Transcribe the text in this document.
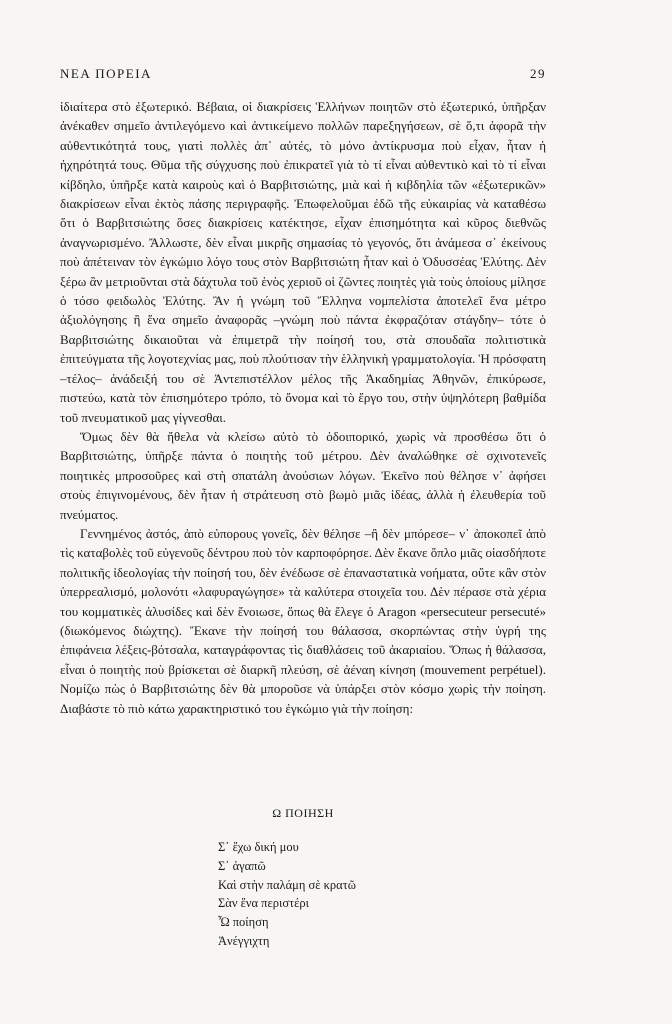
ΝΕΑ ΠΟΡΕΙΑ	29

ἰδιαίτερα στὸ ἐξωτερικό. Βέβαια, οἱ διακρίσεις Ἑλλήνων ποιητῶν στὸ ἐξωτερικό, ὑπῆρξαν ἀνέκαθεν σημεῖο ἀντιλεγόμενο καὶ ἀντικείμενο πολλῶν παρεξηγήσεων, σὲ ὅ,τι ἀφορᾶ τὴν αὐθεντικότητά τους, γιατὶ πολλὲς ἀπ᾽ αὐτές, τὸ μόνο ἀντίκρυσμα ποὺ εἶχαν, ἦταν ἡ ἠχηρότητά τους. Θῦμα τῆς σύγχυσης ποὺ ἐπικρατεῖ γιὰ τὸ τί εἶναι αὐθεντικὸ καὶ τὸ τί εἶναι κίβδηλο, ὑπῆρξε κατὰ καιροὺς καὶ ὁ Βαρβιτσιώτης, μιὰ καὶ ἡ κιβδηλία τῶν «ἐξωτερικῶν» διακρίσεων εἶναι ἐκτὸς πάσης περιγραφῆς. Ἐπωφελοῦμαι ἐδῶ τῆς εὐκαιρίας νὰ καταθέσω ὅτι ὁ Βαρβιτσιώτης ὅσες διακρίσεις κατέκτησε, εἶχαν ἐπισημότητα καὶ κῦρος διεθνῶς ἀναγνωρισμένο. Ἄλλωστε, δὲν εἶναι μικρῆς σημασίας τὸ γεγονός, ὅτι ἀνάμεσα σ᾽ ἐκείνους ποὺ ἀπέτειναν τὸν ἐγκώμιο λόγο τους στὸν Βαρβιτσιώτη ἦταν καὶ ὁ Ὀδυσσέας Ἐλύτης. Δὲν ξέρω ἂν μετριοῦνται στὰ δάχτυλα τοῦ ἑνὸς χεριοῦ οἱ ζῶντες ποιητὲς γιὰ τοὺς ὁποίους μίλησε ὁ τόσο φειδωλὸς Ἐλύτης. Ἂν ἡ γνώμη τοῦ Ἕλληνα νομπελίστα ἀποτελεῖ ἕνα μέτρο ἀξιολόγησης ἢ ἕνα σημεῖο ἀναφορᾶς –γνώμη ποὺ πάντα ἐκφραζόταν στάγδην– τότε ὁ Βαρβιτσιώτης δικαιοῦται νὰ ἐπιμετρᾶ τὴν ποίησή του, στὰ σπουδαῖα πολιτιστικὰ ἐπιτεύγματα τῆς λογοτεχνίας μας, ποὺ πλούτισαν τὴν ἑλληνικὴ γραμματολογία. Ἡ πρόσφατη –τέλος– ἀνάδειξή του σὲ Ἀντεπιστέλλον μέλος τῆς Ἀκαδημίας Ἀθηνῶν, ἐπικύρωσε, πιστεύω, κατὰ τὸν ἐπισημότερο τρόπο, τὸ ὄνομα καὶ τὸ ἔργο του, στὴν ὑψηλότερη βαθμίδα τοῦ πνευματικοῦ μας γίγνεσθαι.

Ὅμως δὲν θὰ ἤθελα νὰ κλείσω αὐτὸ τὸ ὁδοιπορικό, χωρὶς νὰ προσθέσω ὅτι ὁ Βαρβιτσιώτης, ὑπῆρξε πάντα ὁ ποιητὴς τοῦ μέτρου. Δὲν ἀναλώθηκε σὲ σχινοτενεῖς ποιητικὲς μπροσοῦρες καὶ στὴ σπατάλη ἀνούσιων λόγων. Ἐκεῖνο ποὺ θέλησε ν᾽ ἀφήσει στοὺς ἐπιγινομένους, δὲν ἦταν ἡ στράτευση στὸ βωμὸ μιᾶς ἰδέας, ἀλλὰ ἡ ἐλευθερία τοῦ πνεύματος.

Γεννημένος ἀστός, ἀπὸ εὐπορους γονεῖς, δὲν θέλησε –ἢ δὲν μπόρεσε– ν᾽ ἀποκοπεῖ ἀπὸ τὶς καταβολὲς τοῦ εὐγενοῦς δέντρου ποὺ τὸν καρποφόρησε. Δὲν ἔκανε ὅπλο μιᾶς οἱασδήποτε πολιτικῆς ἰδεολογίας τὴν ποίησή του, δὲν ἐνέδωσε σὲ ἐπαναστατικὰ νοήματα, οὔτε κἂν στὸν ὑπερρεαλισμό, μολονότι «λαφυραγώγησε» τὰ καλύτερα στοιχεῖα του. Δὲν πέρασε στὰ χέρια του κομματικὲς ἁλυσίδες καὶ δὲν ἔνοιωσε, ὅπως θὰ ἔλεγε ὁ Aragon «persecuteur persecuté» (διωκόμενος διώχτης). Ἔκανε τὴν ποίησή του θάλασσα, σκορπώντας στὴν ὑγρή της ἐπιφάνεια λέξεις-βότσαλα, καταγράφοντας τὶς διαθλάσεις τοῦ ἀκαριαίου. Ὅπως ἡ θάλασσα, εἶναι ὁ ποιητὴς ποὺ βρίσκεται σὲ διαρκῆ πλεύση, σὲ ἀέναη κίνηση (mouvement perpétuel). Νομίζω πὼς ὁ Βαρβιτσιώτης δὲν θὰ μποροῦσε νὰ ὑπάρξει στὸν κόσμο χωρὶς τὴν ποίηση. Διαβάστε τὸ πιὸ κάτω χαρακτηριστικό του ἐγκώμιο γιὰ τὴν ποίηση:

Ω ΠΟΙΗΣΗ
Σ᾽ ἔχω δική μου
Σ᾽ ἀγαπῶ
Καὶ στὴν παλάμη σὲ κρατῶ
Σὰν ἕνα περιστέρι
Ὦ ποίηση
Ἀνέγγιχτη
